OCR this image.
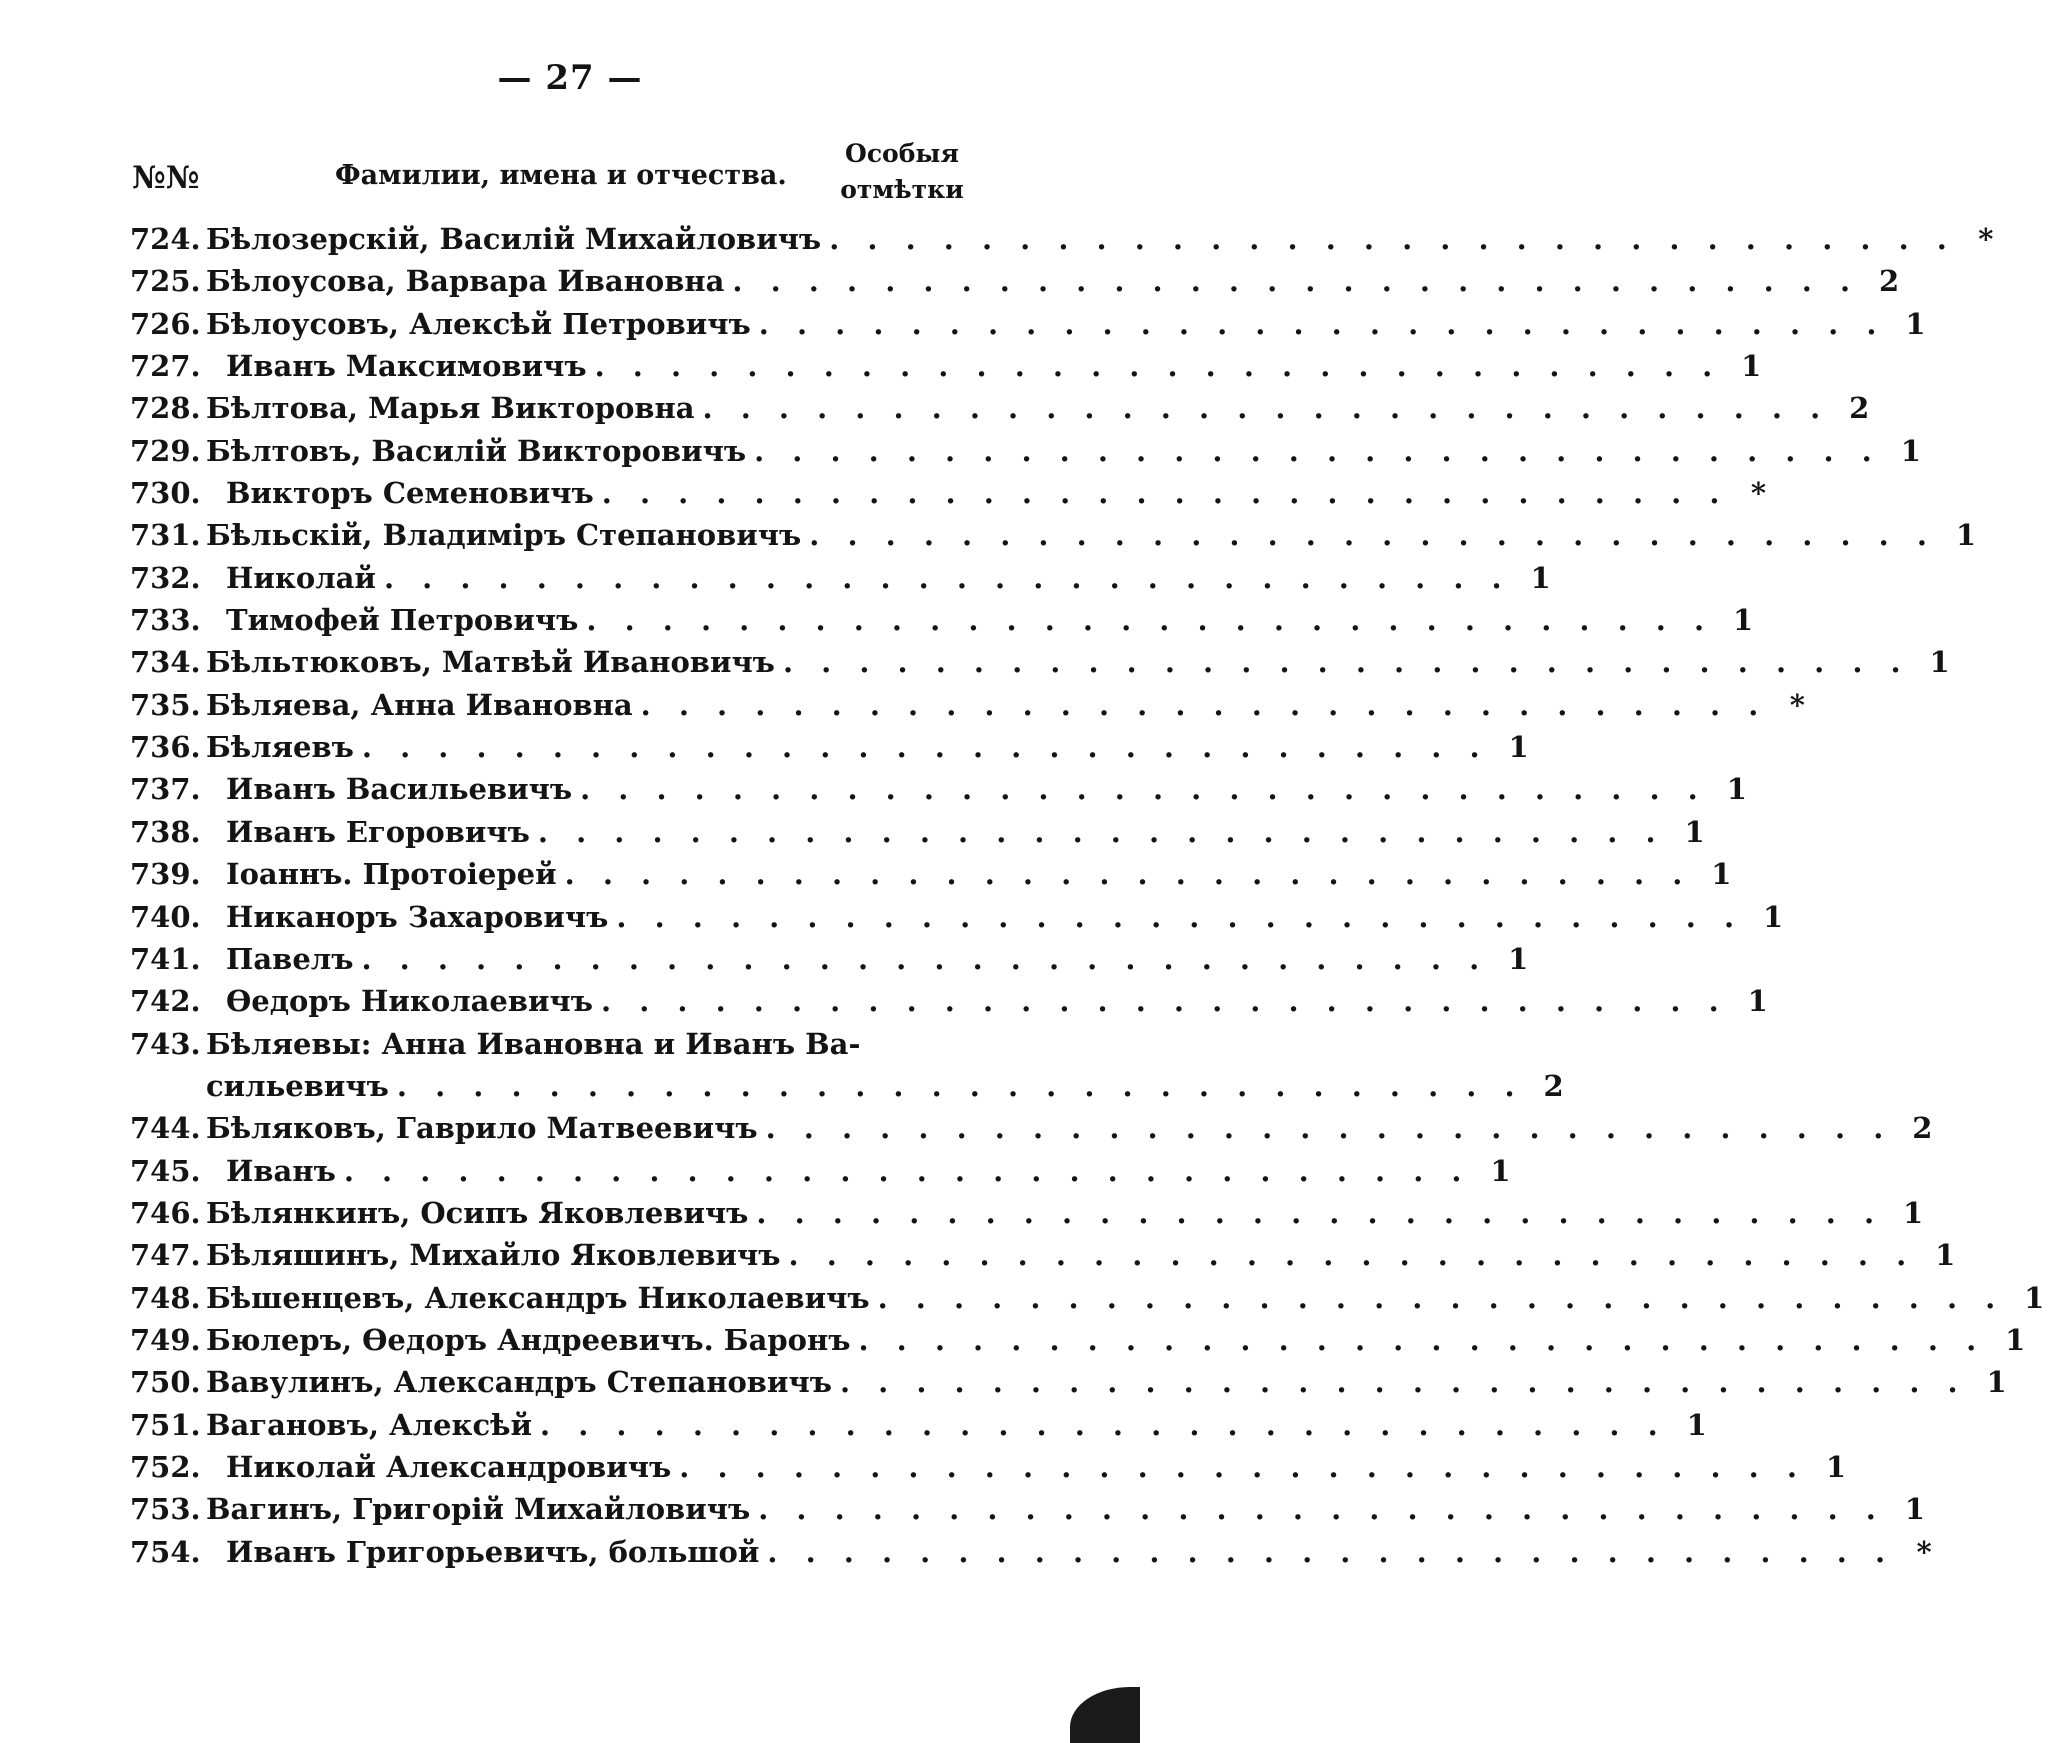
— 27 —
№№	Фамилии, имена и отчества.
Особыя
отмѣтки
724. Бѣлозерскій, Василій Михайловичъ . . . . . . . . . . . . . . . . . . . . . . . . . . . . . . *
725. Бѣлоусова, Варвара Ивановна . . . . . . . . . . . . . . . . . . . . . . . . . . . . . . 2
726. Бѣлоусовъ, Алексѣй Петровичъ . . . . . . . . . . . . . . . . . . . . . . . . . . . . . . 1
727. Иванъ Максимовичъ . . . . . . . . . . . . . . . . . . . . . . . . . . . . . . 1
728. Бѣлтова, Марья Викторовна . . . . . . . . . . . . . . . . . . . . . . . . . . . . . . 2
729. Бѣлтовъ, Василій Викторовичъ . . . . . . . . . . . . . . . . . . . . . . . . . . . . . . 1
730. Викторъ Семеновичъ . . . . . . . . . . . . . . . . . . . . . . . . . . . . . . *
731. Бѣльскій, Владиміръ Степановичъ . . . . . . . . . . . . . . . . . . . . . . . . . . . . . . 1
732. Николай . . . . . . . . . . . . . . . . . . . . . . . . . . . . . . 1
733. Тимофей Петровичъ . . . . . . . . . . . . . . . . . . . . . . . . . . . . . . 1
734. Бѣльтюковъ, Матвѣй Ивановичъ . . . . . . . . . . . . . . . . . . . . . . . . . . . . . . 1
735. Бѣляева, Анна Ивановна . . . . . . . . . . . . . . . . . . . . . . . . . . . . . . *
736. Бѣляевъ . . . . . . . . . . . . . . . . . . . . . . . . . . . . . . 1
737. Иванъ Васильевичъ . . . . . . . . . . . . . . . . . . . . . . . . . . . . . . 1
738. Иванъ Егоровичъ . . . . . . . . . . . . . . . . . . . . . . . . . . . . . . 1
739. Іоаннъ. Протоіерей . . . . . . . . . . . . . . . . . . . . . . . . . . . . . . 1
740. Никаноръ Захаровичъ . . . . . . . . . . . . . . . . . . . . . . . . . . . . . . 1
741. Павелъ . . . . . . . . . . . . . . . . . . . . . . . . . . . . . . 1
742. Ѳедоръ Николаевичъ . . . . . . . . . . . . . . . . . . . . . . . . . . . . . . 1
743. Бѣляевы: Анна Ивановна и Иванъ Ва-
сильевичъ . . . . . . . . . . . . . . . . . . . . . . . . . . . . . . 2
744. Бѣляковъ, Гаврило Матвеевичъ . . . . . . . . . . . . . . . . . . . . . . . . . . . . . . 2
745. Иванъ . . . . . . . . . . . . . . . . . . . . . . . . . . . . . . 1
746. Бѣлянкинъ, Осипъ Яковлевичъ . . . . . . . . . . . . . . . . . . . . . . . . . . . . . . 1
747. Бѣляшинъ, Михайло Яковлевичъ . . . . . . . . . . . . . . . . . . . . . . . . . . . . . . 1
748. Бѣшенцевъ, Александръ Николаевичъ . . . . . . . . . . . . . . . . . . . . . . . . . . . . . . 1
749. Бюлеръ, Ѳедоръ Андреевичъ. Баронъ . . . . . . . . . . . . . . . . . . . . . . . . . . . . . . 1
750. Вавулинъ, Александръ Степановичъ . . . . . . . . . . . . . . . . . . . . . . . . . . . . . . 1
751. Вагановъ, Алексѣй . . . . . . . . . . . . . . . . . . . . . . . . . . . . . . 1
752. Николай Александровичъ . . . . . . . . . . . . . . . . . . . . . . . . . . . . . . 1
753. Вагинъ, Григорій Михайловичъ . . . . . . . . . . . . . . . . . . . . . . . . . . . . . . 1
754. Иванъ Григорьевичъ, большой . . . . . . . . . . . . . . . . . . . . . . . . . . . . . . *
